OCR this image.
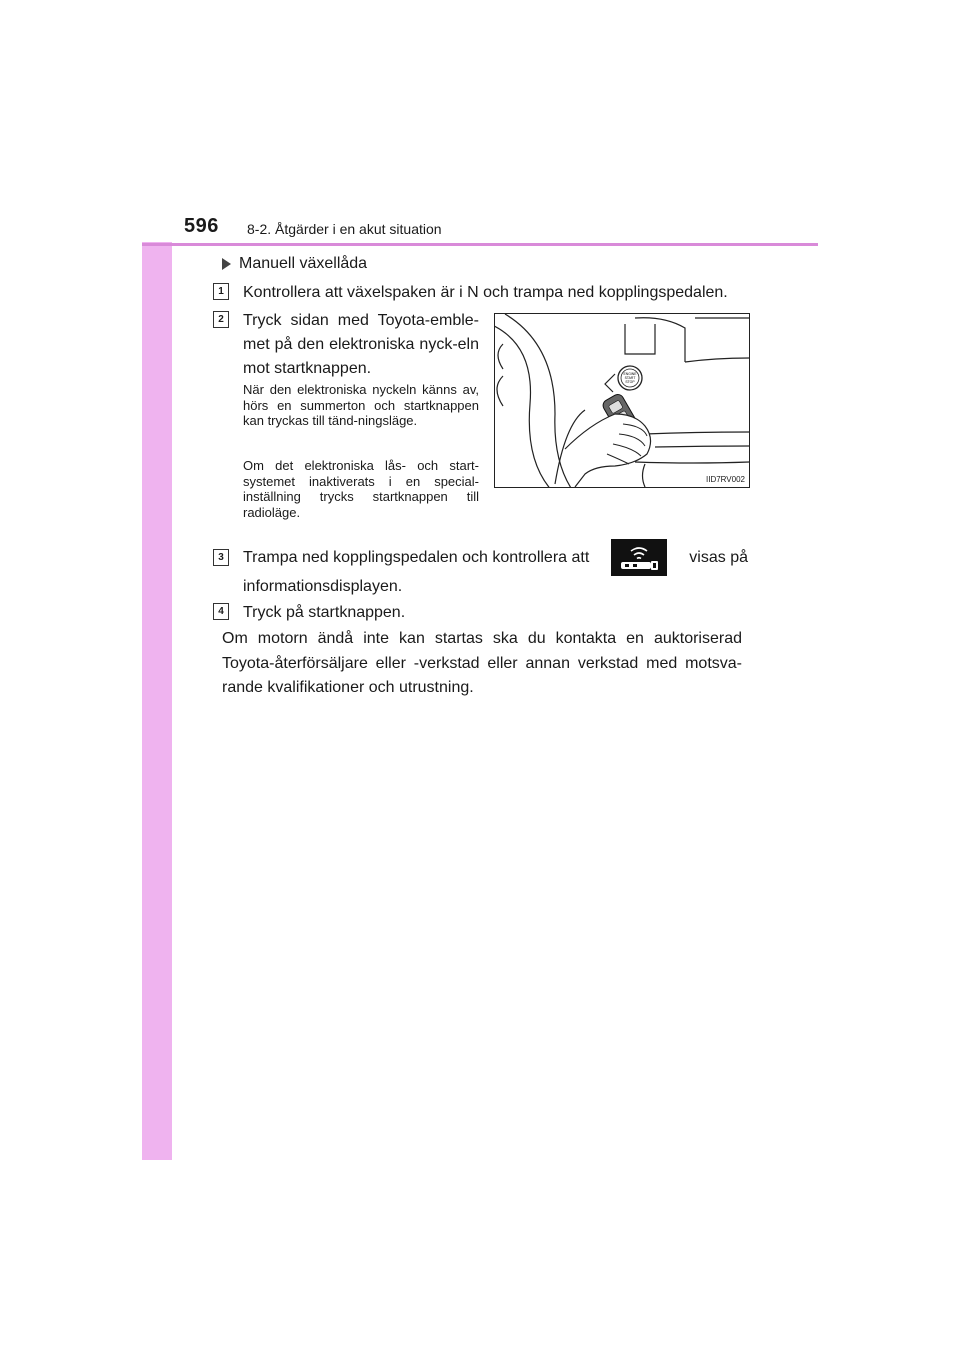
596 8-2. Åtgärder i en akut situation
Manuell växellåda
1	Kontrollera att växelspaken är i N och trampa ned kopplingspedalen.
2	Tryck sidan med Toyota-emble-met på den elektroniska nyck-eln mot startknappen.
När den elektroniska nyckeln känns av, hörs en summerton och startknappen kan tryckas till tänd-ningsläge.
Om det elektroniska lås- och start-systemet inaktiverats i en special-inställning trycks startknappen till radioläge.
ENGINE
START
STOP
IID7RV002
3	Trampa ned kopplingspedalen och kontrollera att	visas på
informationsdisplayen.
4	Tryck på startknappen.
Om motorn ändå inte kan startas ska du kontakta en auktoriserad Toyota-återförsäljare eller -verkstad eller annan verkstad med motsva-rande kvalifikationer och utrustning.
